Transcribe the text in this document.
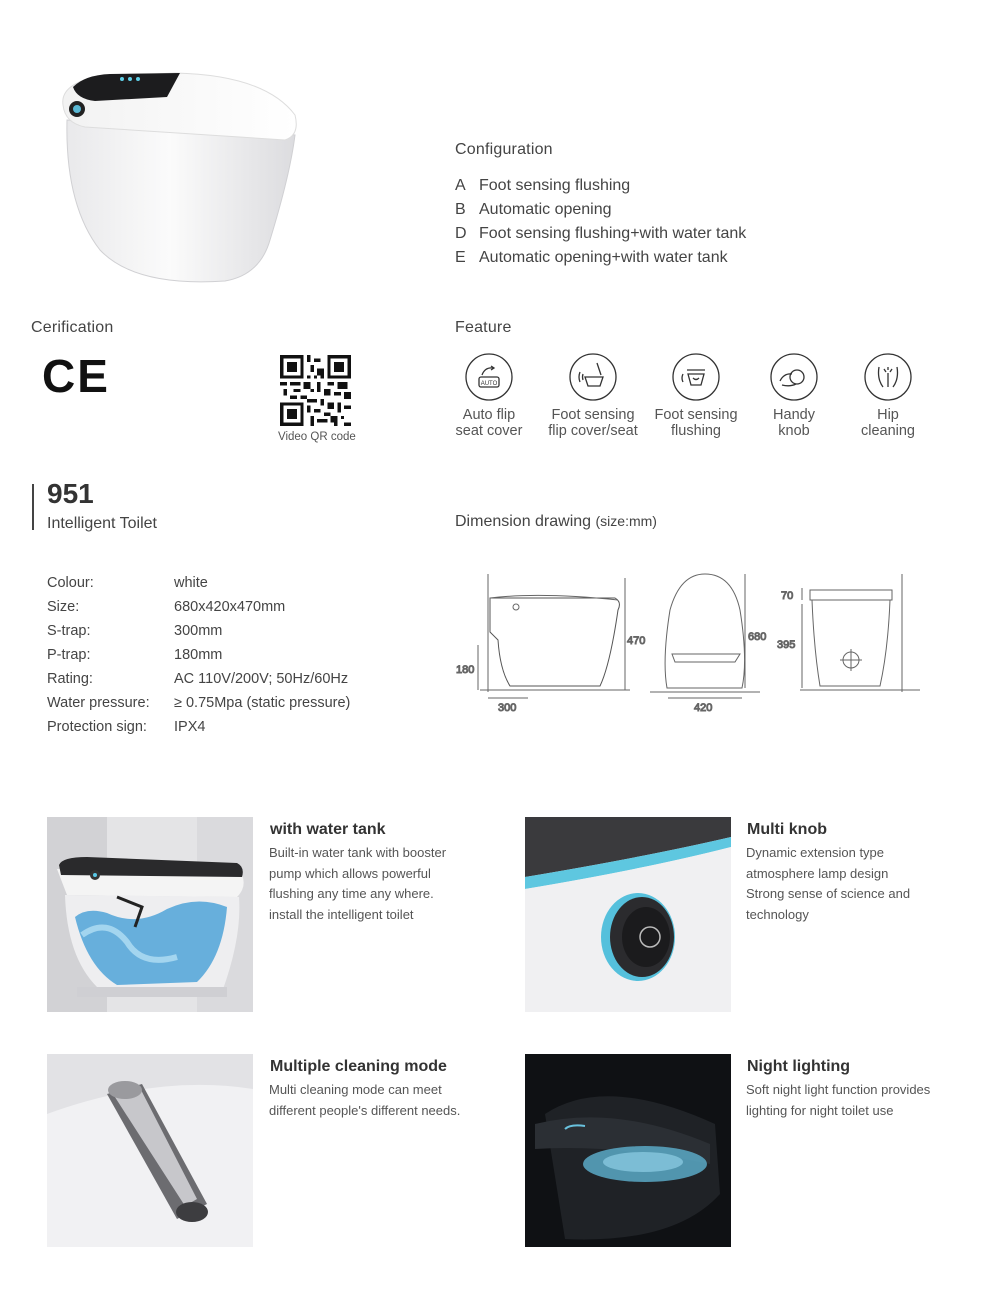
Configuration
A Foot sensing flushing
B Automatic opening
D Foot sensing flushing+with water tank
E Automatic opening+with water tank
Cerification
CE
Video QR code
Feature
AUTO
Auto flip
seat cover
Foot sensing
flip cover/seat
Foot sensing
flushing
Handy
knob
Hip
cleaning
951
Intelligent Toilet
Colour:	white
Size:	680x420x470mm
S-trap:	300mm
P-trap:	180mm
Rating:	AC 110V/200V; 50Hz/60Hz
Water pressure: ≥ 0.75Mpa (static pressure)
Protection sign: IPX4
Dimension drawing (size:mm)
470
180
300
680
420
70
395
with water tank
Built-in water tank with booster
pump which allows powerful
flushing any time any where.
install the intelligent toilet
Multi knob
Dynamic extension type
atmosphere lamp design
Strong sense of science and
technology
Multiple cleaning mode
Multi cleaning mode can meet
different people's different needs.
Night lighting
Soft night light function provides
lighting for night toilet use
